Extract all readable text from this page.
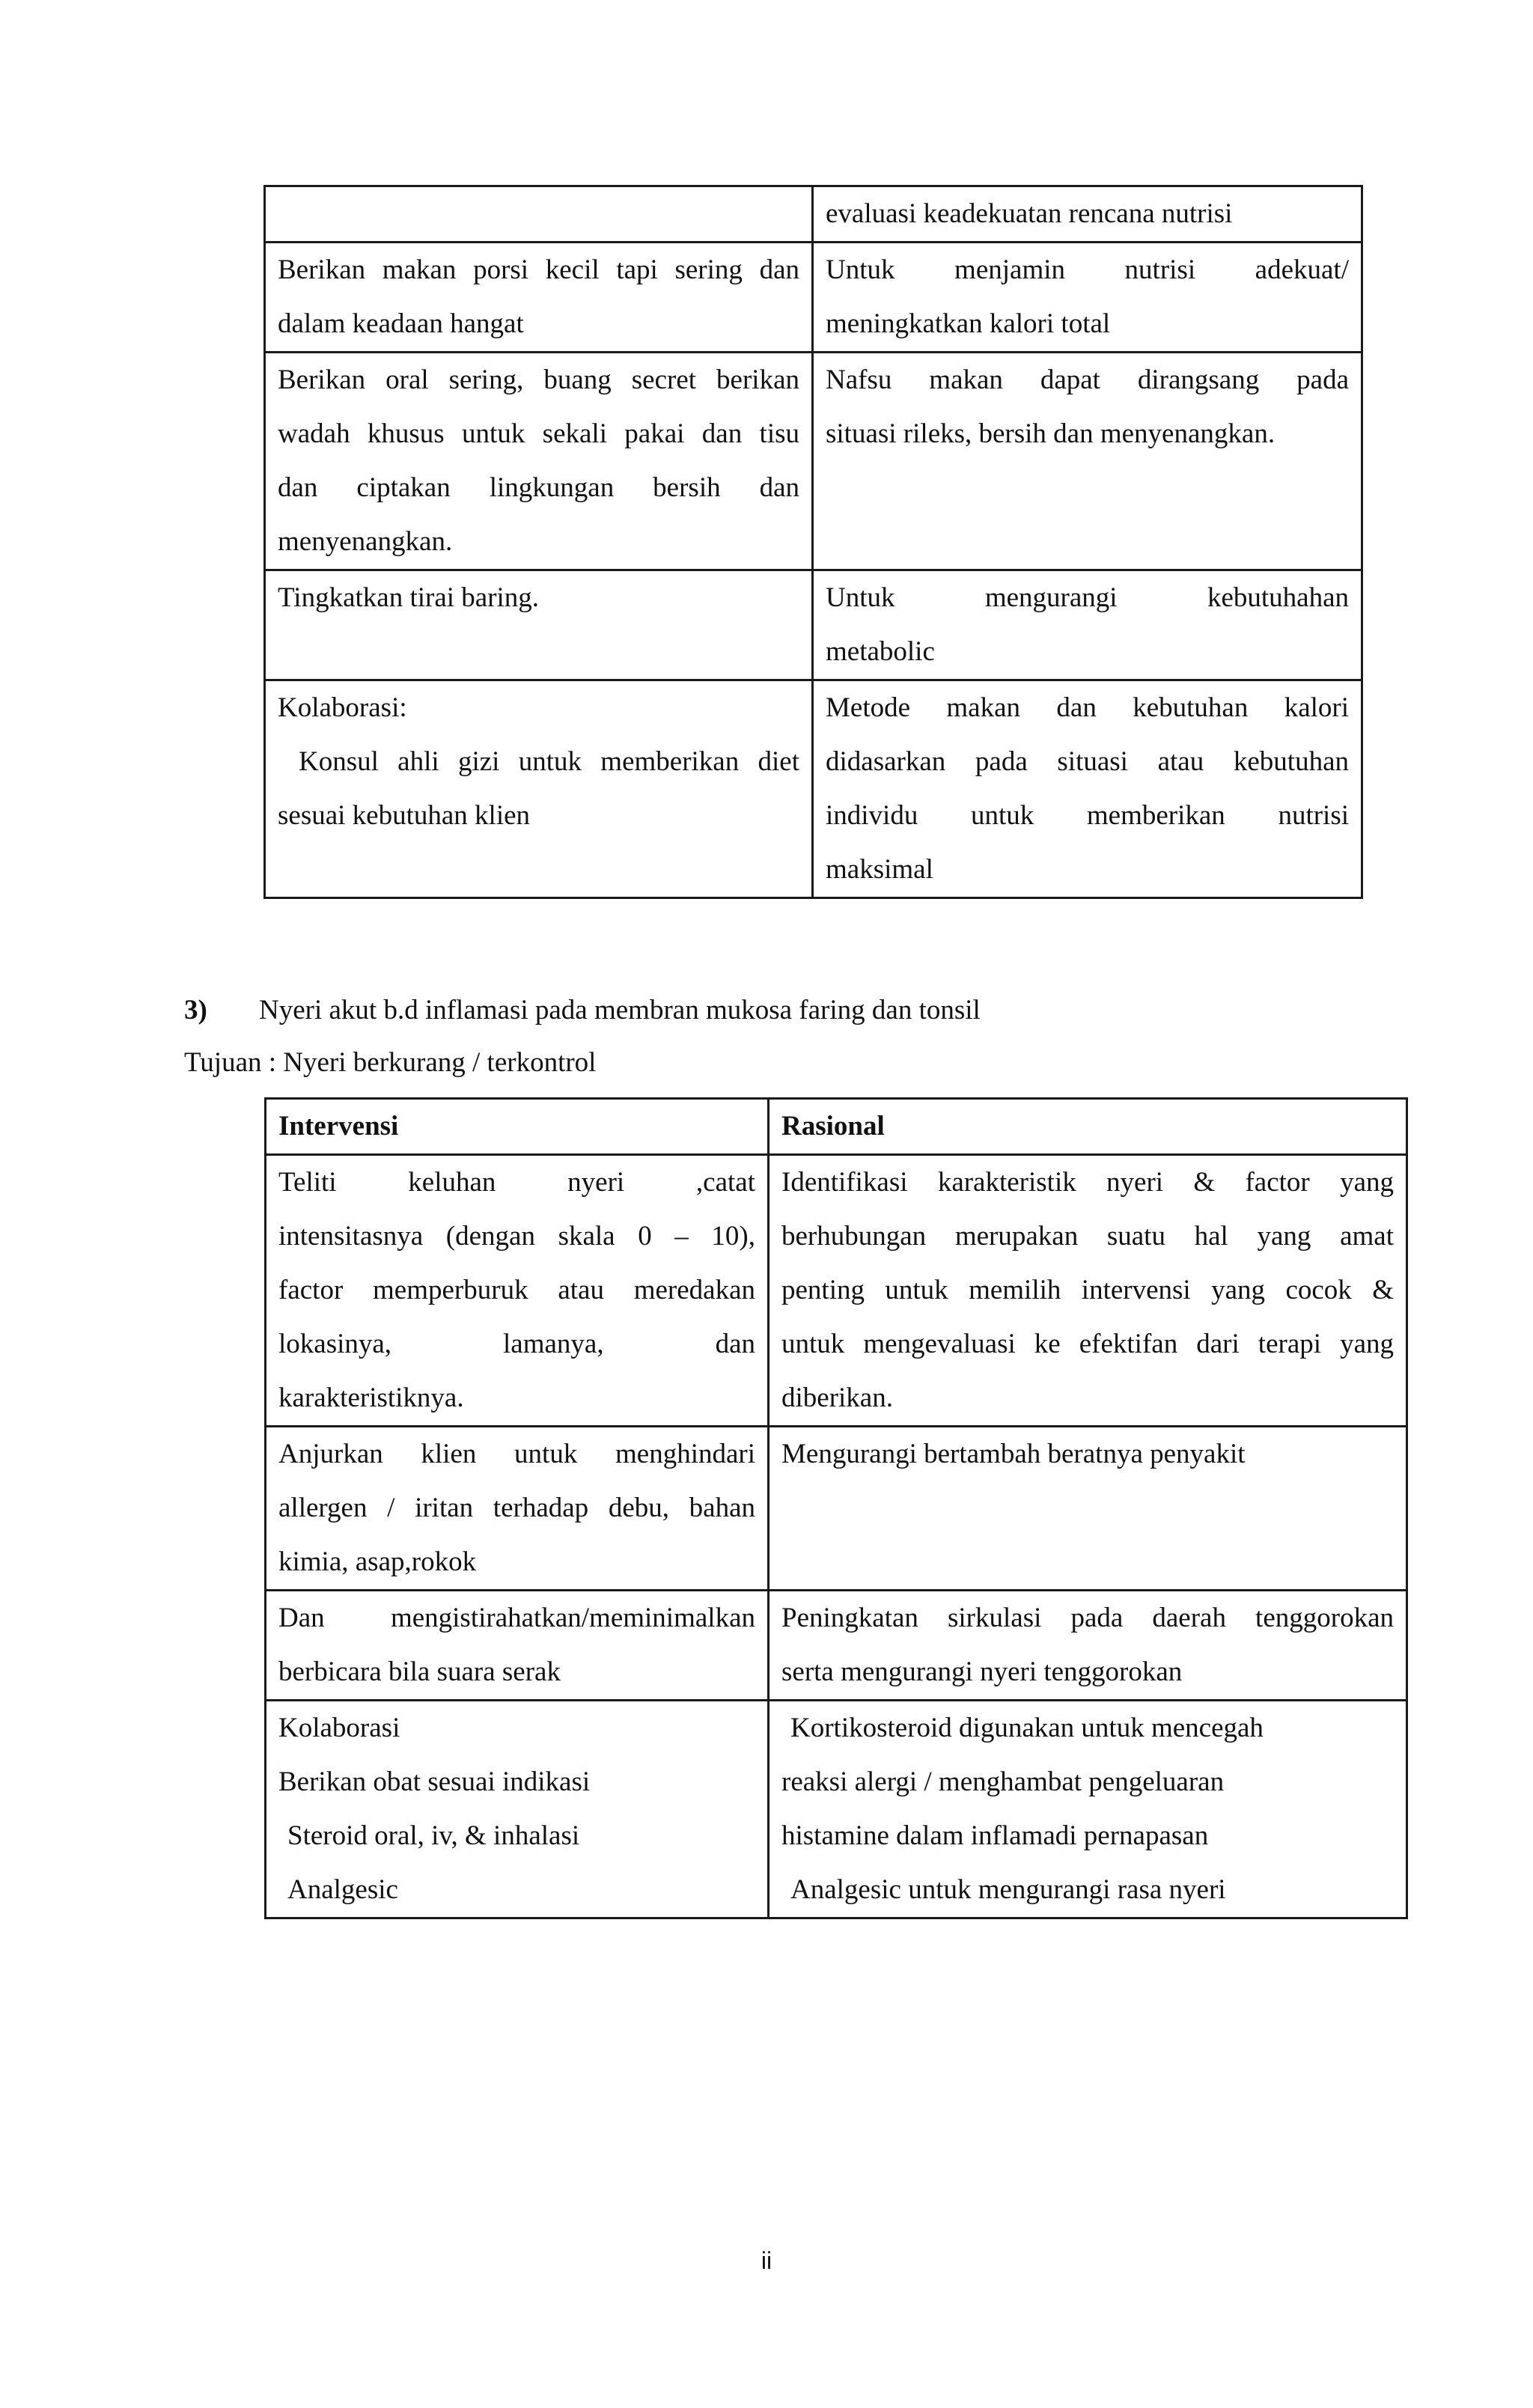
	evaluasi keadekuatan rencana nutrisi

Berikan makan porsi kecil tapi sering dan
dalam keadaan hangat	Untuk menjamin nutrisi adekuat/
meningkatkan kalori total

Berikan oral sering, buang secret berikan
wadah khusus untuk sekali pakai dan tisu
dan ciptakan lingkungan bersih dan
menyenangkan.	Nafsu makan dapat dirangsang pada
situasi rileks, bersih dan menyenangkan.

Tingkatkan tirai baring.	Untuk mengurangi kebutuhahan
metabolic

Kolaborasi:
Konsul ahli gizi untuk memberikan diet
sesuai kebutuhan klien	Metode makan dan kebutuhan kalori
didasarkan pada situasi atau kebutuhan
individu untuk memberikan nutrisi
maksimal
3) Nyeri akut b.d inflamasi pada membran mukosa faring dan tonsil
Tujuan : Nyeri berkurang / terkontrol
Intervensi	Rasional

Teliti keluhan nyeri ,catat
intensitasnya (dengan skala 0 – 10),
factor memperburuk atau meredakan
lokasinya, lamanya, dan
karakteristiknya.	Identifikasi karakteristik nyeri & factor yang
berhubungan merupakan suatu hal yang amat
penting untuk memilih intervensi yang cocok &
untuk mengevaluasi ke efektifan dari terapi yang
diberikan.

Anjurkan klien untuk menghindari
allergen / iritan terhadap debu, bahan
kimia, asap,rokok	Mengurangi bertambah beratnya penyakit

Dan mengistirahatkan/meminimalkan
berbicara bila suara serak	Peningkatan sirkulasi pada daerah tenggorokan
serta mengurangi nyeri tenggorokan

Kolaborasi
Berikan obat sesuai indikasi
Steroid oral, iv, & inhalasi
Analgesic	Kortikosteroid digunakan untuk mencegah
reaksi alergi / menghambat pengeluaran
histamine dalam inflamadi pernapasan
Analgesic untuk mengurangi rasa nyeri
ii
